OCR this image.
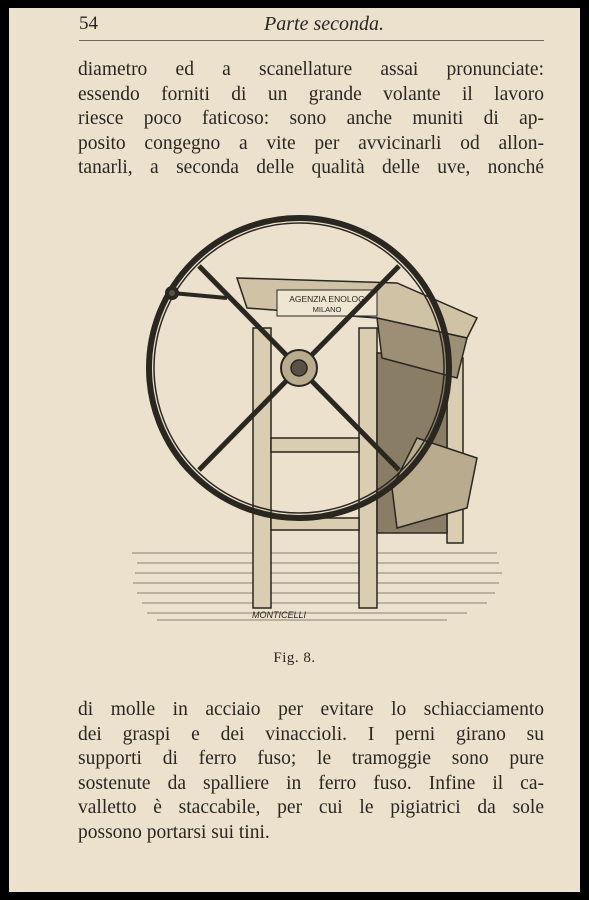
54	Parte seconda.
diametro ed a scanellature assai pronunciate:
essendo forniti di un grande volante il lavoro
riesce poco faticoso: sono anche muniti di ap-
posito congegno a vite per avvicinarli od allon-
tanarli, a seconda delle qualità delle uve, nonché
AGENZIA ENOLOG
MILANO
MONTICELLI
Fig. 8.
di molle in acciaio per evitare lo schiacciamento
dei graspi e dei vinaccioli. I perni girano su
supporti di ferro fuso; le tramoggie sono pure
sostenute da spalliere in ferro fuso. Infine il ca-
valletto è staccabile, per cui le pigiatrici da sole
possono portarsi sui tini.
